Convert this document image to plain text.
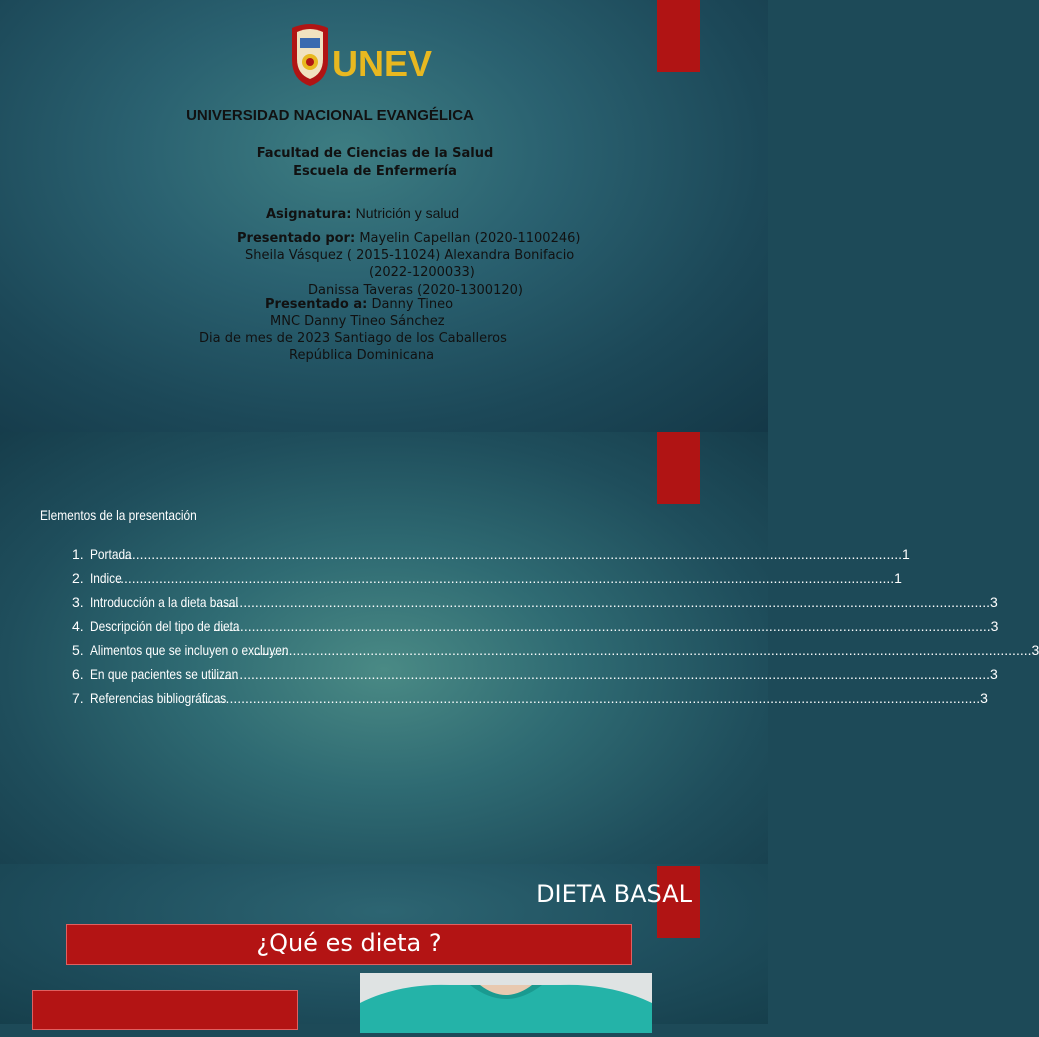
UNEV
UNIVERSIDAD NACIONAL EVANGÉLICA
Facultad de Ciencias de la Salud
Escuela de Enfermería
Asignatura: Nutrición y salud
Presentado por: Mayelin Capellan (2020-1100246)
Sheila Vásquez ( 2015-11024) Alexandra Bonifacio
(2022-1200033)
Danissa Taveras (2020-1300120)
Presentado a: Danny Tineo
MNC Danny Tineo Sánchez
Dia de mes de 2023 Santiago de los Caballeros
República Dominicana
Elementos de la presentación
1. Portada
........................................................................................................................................................................................................ 1
2. Indice
........................................................................................................................................................................................................ 1
3. Introducción a la dieta basal
........................................................................................................................................................................................................ 3
4. Descripción del tipo de dieta
........................................................................................................................................................................................................ 3
5. Alimentos que se incluyen o excluyen
........................................................................................................................................................................................................ 3
6. En que pacientes se utilizan
........................................................................................................................................................................................................ 3
7. Referencias bibliográficas
........................................................................................................................................................................................................ 3
DIETA BASAL
¿Qué es dieta ?
